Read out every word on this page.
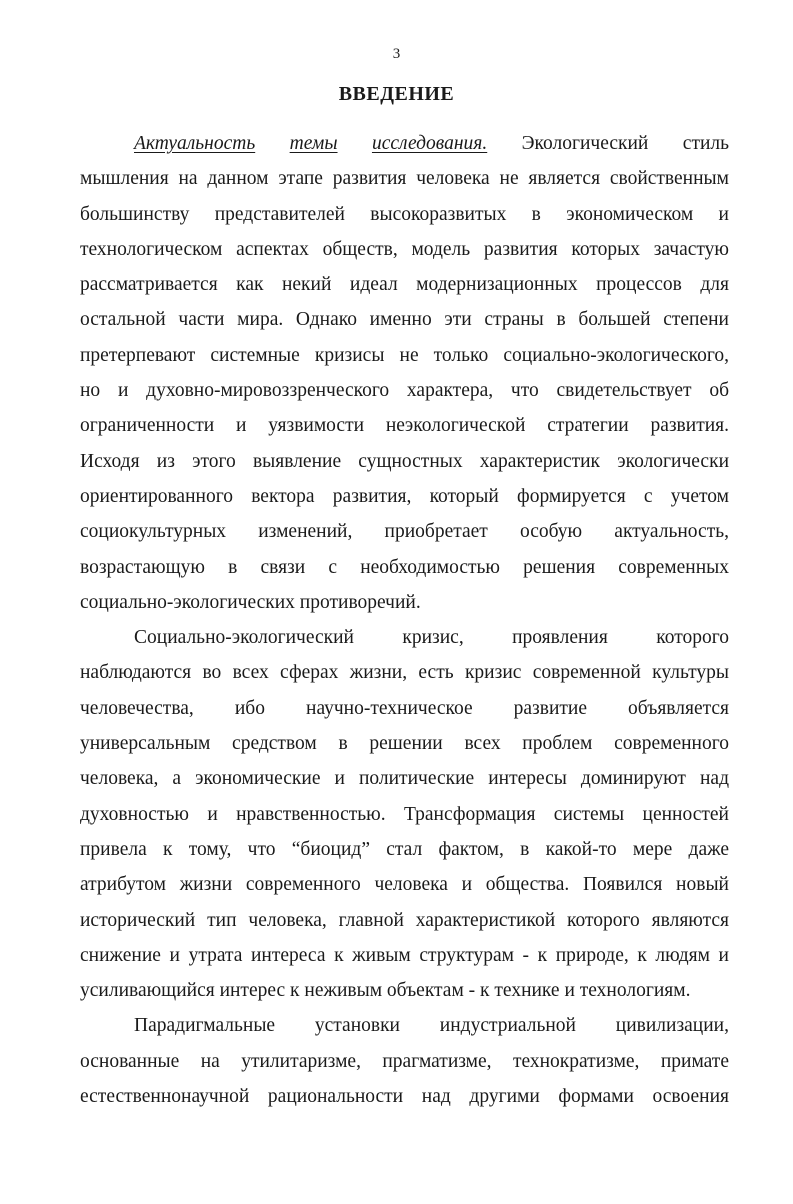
3
ВВЕДЕНИЕ
Актуальность темы исследования. Экологический стиль
мышления на данном этапе развития человека не является свойственным
большинству представителей высокоразвитых в экономическом и
технологическом аспектах обществ, модель развития которых зачастую
рассматривается как некий идеал модернизационных процессов для
остальной части мира. Однако именно эти страны в большей степени
претерпевают системные кризисы не только социально-экологического,
но и духовно-мировоззренческого характера, что свидетельствует об
ограниченности и уязвимости неэкологической стратегии развития.
Исходя из этого выявление сущностных характеристик экологически
ориентированного вектора развития, который формируется с учетом
социокультурных изменений, приобретает особую актуальность,
возрастающую в связи с необходимостью решения современных
социально-экологических противоречий.
Социально-экологический кризис, проявления которого
наблюдаются во всех сферах жизни, есть кризис современной культуры
человечества, ибо научно-техническое развитие объявляется
универсальным средством в решении всех проблем современного
человека, а экономические и политические интересы доминируют над
духовностью и нравственностью. Трансформация системы ценностей
привела к тому, что “биоцид” стал фактом, в какой-то мере даже
атрибутом жизни современного человека и общества. Появился новый
исторический тип человека, главной характеристикой которого являются
снижение и утрата интереса к живым структурам - к природе, к людям и
усиливающийся интерес к неживым объектам - к технике и технологиям.
Парадигмальные установки индустриальной цивилизации,
основанные на утилитаризме, прагматизме, технократизме, примате
естественнонаучной рациональности над другими формами освоения
